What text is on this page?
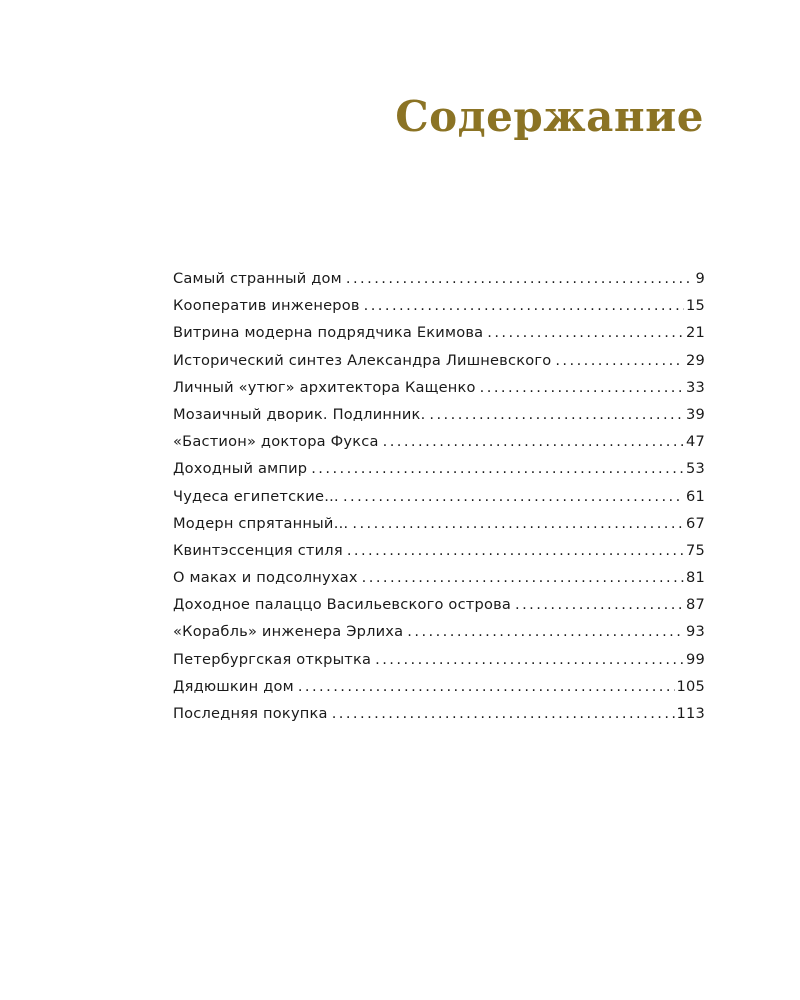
Содержание
Самый странный дом . . .	9
Кооператив инженеров . . .	15
Витрина модерна подрядчика Екимова . . .	21
Исторический синтез Александра Лишневского . . .	29
Личный «утюг» архитектора Кащенко . . .	33
Мозаичный дворик. Подлинник. . . .	39
«Бастион» доктора Фукса . . .	47
Доходный ампир . . .	53
Чудеса египетские… . . .	61
Модерн спрятанный… . . .	67
Квинтэссенция стиля . . .	75
О маках и подсолнухах . . .	81
Доходное палаццо Васильевского острова . . .	87
«Корабль» инженера Эрлиха . . .	93
Петербургская открытка . . .	99
Дядюшкин дом . . .	105
Последняя покупка . . .	113
